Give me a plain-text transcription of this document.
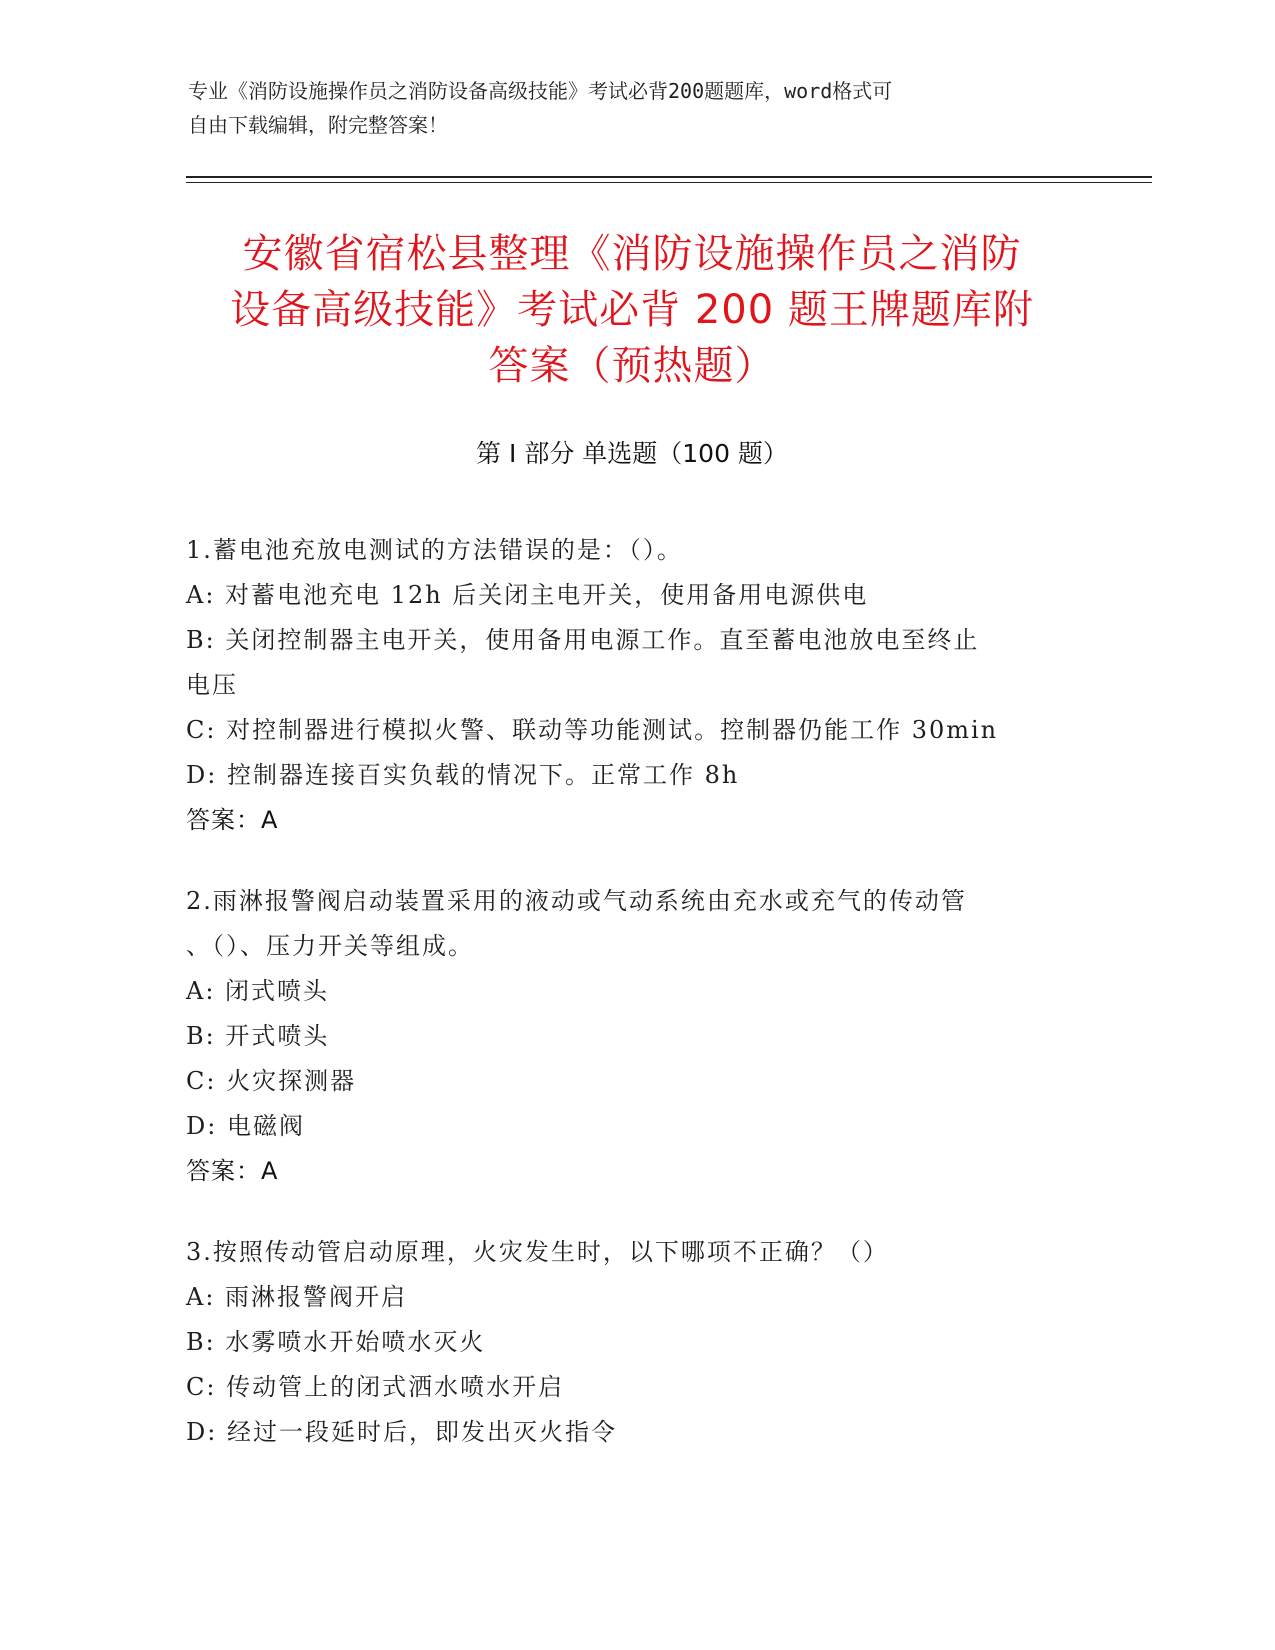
专业《消防设施操作员之消防设备高级技能》考试必背200题题库，word格式可
自由下载编辑，附完整答案！
安徽省宿松县整理《消防设施操作员之消防
设备高级技能》考试必背 200 题王牌题库附
答案（预热题）
第 I 部分 单选题（100 题）
1.蓄电池充放电测试的方法错误的是：（）。
A: 对蓄电池充电 12h 后关闭主电开关，使用备用电源供电
B: 关闭控制器主电开关，使用备用电源工作。直至蓄电池放电至终止
电压
C: 对控制器进行模拟火警、联动等功能测试。控制器仍能工作 30min
D: 控制器连接百实负载的情况下。正常工作 8h
答案：A
2.雨淋报警阀启动装置采用的液动或气动系统由充水或充气的传动管
、（）、压力开关等组成。
A: 闭式喷头
B: 开式喷头
C: 火灾探测器
D: 电磁阀
答案：A
3.按照传动管启动原理，火灾发生时，以下哪项不正确？（）
A: 雨淋报警阀开启
B: 水雾喷水开始喷水灭火
C: 传动管上的闭式洒水喷水开启
D: 经过一段延时后，即发出灭火指令
